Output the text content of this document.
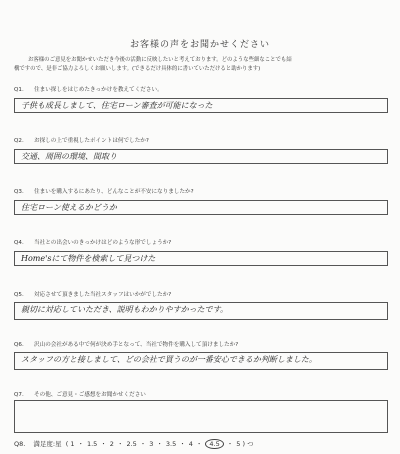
お客様の声をお聞かせください

お客様のご意見をお聞かせいただき今後の活動に反映したいと考えております。どのような些細なことでも結

構ですので、是非ご協力よろしくお願いします。(できるだけ具体的に書いていただけると助かります)

Q1. 住まい探しをはじめたきっかけを教えてください。
子供も成長しまして、住宅ローン審査が可能になった
Q2. お探しの上で重視したポイントは何でしたか?
交通、周囲の環境、間取り
Q3. 住まいを購入するにあたり、どんなことが不安になりましたか?
住宅ローン使えるかどうか
Q4. 当社との出会いのきっかけはどのような形でしょうか?
Home'sにて物件を検索して見つけた
Q5. 対応させて頂きました当社スタッフはいかがでしたか?
親切に対応していただき、説明もわかりやすかったです。
Q6. 沢山の会社がある中で何が決め手となって、当社で物件を購入して頂けましたか?
スタッフの方と接しまして、どの会社で買うのが一番安心できるか判断しました。
Q7. その他、ご意見・ご感想をお聞かせください
Q8. 満足度:星 ( 1 ・ 1.5 ・ 2 ・ 2.5 ・ 3 ・ 3.5 ・ 4 ・ 4.5 ・ 5 ) つ
